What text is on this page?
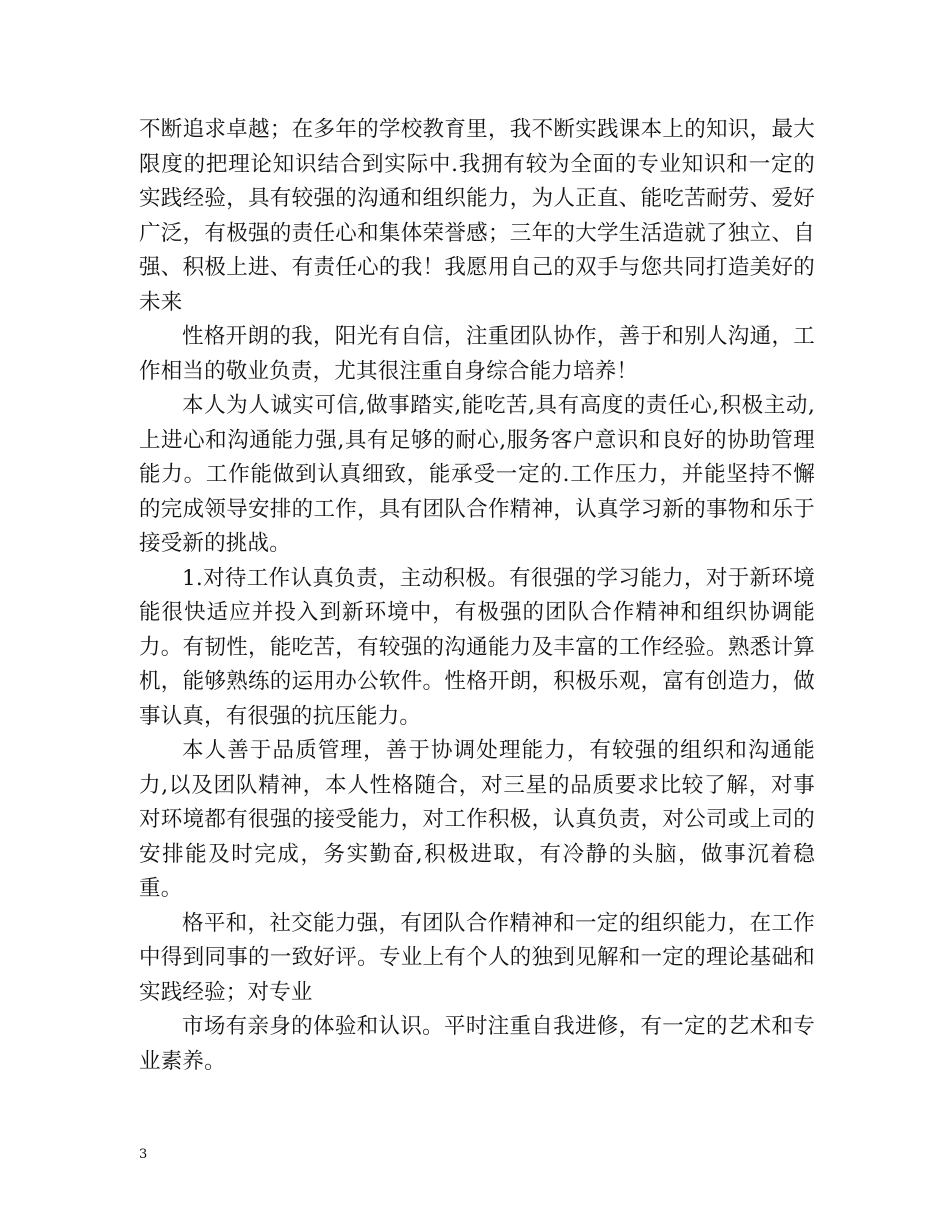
不断追求卓越；在多年的学校教育里，我不断实践课本上的知识，最大限度的把理论知识结合到实际中.我拥有较为全面的专业知识和一定的实践经验，具有较强的沟通和组织能力，为人正直、能吃苦耐劳、爱好广泛，有极强的责任心和集体荣誉感；三年的大学生活造就了独立、自强、积极上进、有责任心的我！我愿用自己的双手与您共同打造美好的未来

性格开朗的我，阳光有自信，注重团队协作，善于和别人沟通，工作相当的敬业负责，尤其很注重自身综合能力培养！

本人为人诚实可信,做事踏实,能吃苦,具有高度的责任心,积极主动,上进心和沟通能力强,具有足够的耐心,服务客户意识和良好的协助管理能力。工作能做到认真细致，能承受一定的.工作压力，并能坚持不懈的完成领导安排的工作，具有团队合作精神，认真学习新的事物和乐于接受新的挑战。

1.对待工作认真负责，主动积极。有很强的学习能力，对于新环境能很快适应并投入到新环境中，有极强的团队合作精神和组织协调能力。有韧性，能吃苦，有较强的沟通能力及丰富的工作经验。熟悉计算机，能够熟练的运用办公软件。性格开朗，积极乐观，富有创造力，做事认真，有很强的抗压能力。

本人善于品质管理，善于协调处理能力，有较强的组织和沟通能力,以及团队精神，本人性格随合，对三星的品质要求比较了解，对事对环境都有很强的接受能力，对工作积极，认真负责，对公司或上司的安排能及时完成，务实勤奋,积极进取，有冷静的头脑，做事沉着稳重。

格平和，社交能力强，有团队合作精神和一定的组织能力，在工作中得到同事的一致好评。专业上有个人的独到见解和一定的理论基础和实践经验；对专业

市场有亲身的体验和认识。平时注重自我进修，有一定的艺术和专业素养。

3
